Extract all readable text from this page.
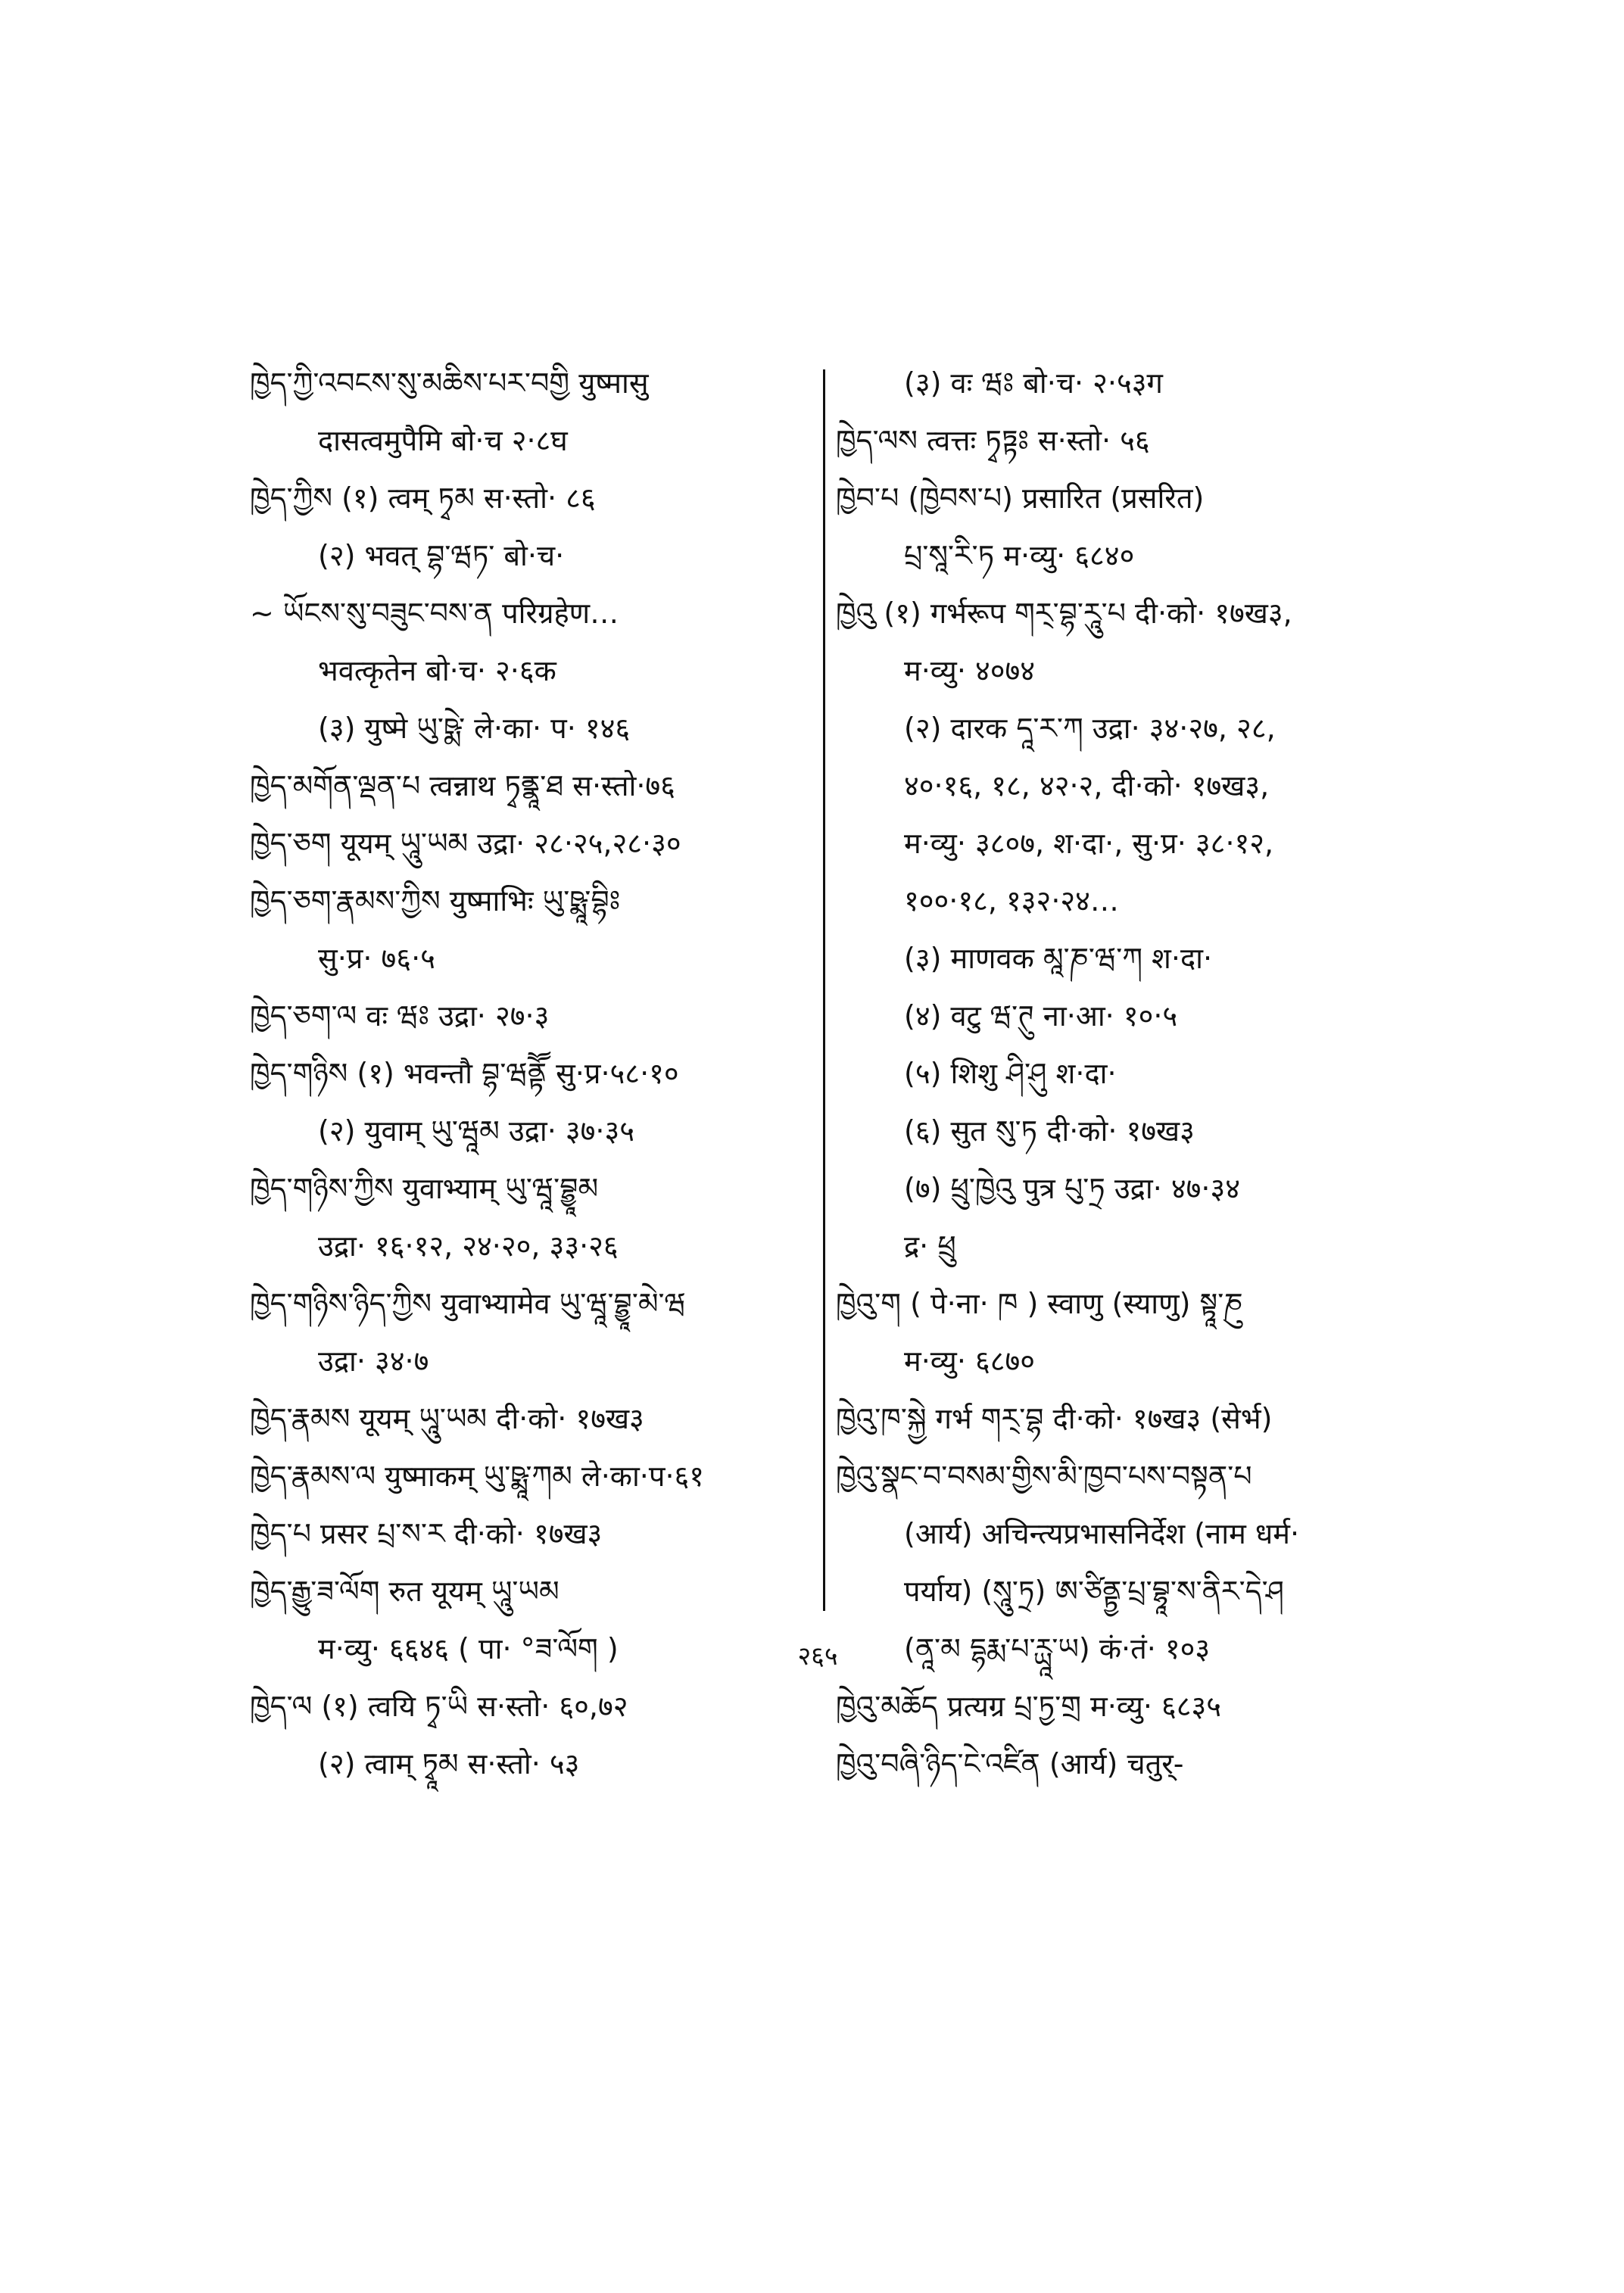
ཁྱེད་ཀྱི་འབངས་སུ་མཆིས་པར་བགྱི युष्मासु

दासत्वमुपैमि बो·च २·८घ

ཁྱེད་ཀྱིས (१) त्वम् ཏྭམ स·स्तो· ८६

(२) भवत् བྷ་ཝཏ་ बो·च·

~ ཡོངས་སུ་བཟུང་བས་ན परिग्रहेण…

भवत्कृतेन बो·च· २·६क

(३) युष्मे ཡུ་ཥྨེ་ ले·का· प· १४६

ཁྱེད་མགོན་ལྡན་པ त्वन्नाथ ཏྭནྣཱ་ཐ स·स्तो·७६

ཁྱེད་ཅག यूयम् ཡཱུ་ཡམ उद्रा· २८·२५,२८·३०

ཁྱེད་ཅག་རྣམས་ཀྱིས युष्माभिः ཡུ་ཥྨཱ་བྷིཿ

सु·प्र· ७६·५

ཁྱེད་ཅག་ལ वः ཝཿ उद्रा· २७·३

ཁྱེད་གཉིས (१) भवन्तौ བྷ་ཝནྟཽ सु·प्र·५८·१०

(२) युवाम् ཡུ་ཝཱམ उद्रा· ३७·३५

ཁྱེད་གཉིས་ཀྱིས युवाभ्याम् ཡུ་ཝཱ་བྷྱཱམ

उद्रा· १६·१२, २४·२०, ३३·२६

ཁྱེད་གཉིས་ཉིད་ཀྱིས युवाभ्यामेव ཡུ་ཝཱ་བྷྱཱ་མེ་ཝ

उद्रा· ३४·७

ཁྱེད་རྣམས यूयम् ཡཱུ་ཡམ दी·को· १७ख३

ཁྱེད་རྣམས་ལ युष्माकम् ཡུ་ཥྨཱ་ཀམ ले·का·प·६१

ཁྱེད་པ प्रसर པྲ་ས་ར दी·को· १७ख३

ཁྱེད་རྒྱུ་ཟ་ལོག रुत यूयम् ཡཱུ་ཡམ

म·व्यु· ६६४६ ( पा· °ཟ་ལོག )

ཁྱེད་ལ (१) त्वयि ཏྭ་ཡི स·स्तो· ६०,७२

(२) त्वाम् ཏྭཱམ स·स्तो· ५३

(३) वः ཝཿ बो·च· २·५३ग

ཁྱེད་ལས त्वत्तः ཏྭཏྟཿ स·स्तो· ५६

ཁྱེབ་པ (ཁྱེབས་པ) प्रसारित (प्रसरित)

པྲ་སཱ་རི་ཏ म·व्यु· ६८४०

ཁྱེའུ (१) गर्भरूप གར྄་བྷ་རཱུ་པ दी·को· १७ख३,

म·व्यु· ४०७४

(२) दारक དཱ་ར་ཀ उद्रा· ३४·२७, २८,

४०·१६, १८, ४२·२, दी·को· १७ख३,

म·व्यु· ३८०७, श·दा·, सु·प्र· ३८·१२,

१००·१८, १३२·२४…

(३) माणवक མཱ་ཎ་ཝ་ཀ श·दा·

(४) वटु ཝ་ཊུ ना·आ· १०·५

(५) शिशु ཤི་ཤུ श·दा·

(६) सुत སུ་ཏ दी·को· १७ख३

(७) ཕྲུ་ཁྱེའུ पुत्र པུ་ཏྲ उद्रा· ४७·३४

द्र· ཕྲུ

ཁྱེའུ་ག ( पे·ना· ཁ ) स्वाणु (स्याणु) སྟཱ་ཎུ

म·व्यु· ६८७०

ཁྱེའུ་ཁ་སྐྱེ गर्भ གར྄་བྷ दी·को· १७ख३ (सेर्भ)

ཁྱེའུ་སྣང་བ་བསམ་གྱིས་མི་ཁྱབ་པས་བསྟན་པ

(आर्य) अचिन्त्यप्रभासनिर्देश (नाम धर्म·

पर्याय) (སཱུ་ཏྲ) ཨ་ཙིནྟྱ་པྲ་བྷཱ་ས་ནིར་དེ་ཤ

(ནཱ་མ དྷརྨ་པ་ཪྻཱ་ཡ) कं·तं· १०३

ཁྱེའུ་མཆོད प्रत्यग्र པྲ་ཏྱ་གྲ म·व्यु· ६८३५

ཁྱེའུ་བཞི་ཉིད་ངེ་འཛིན (आर्य) चतुर्-

२६५
